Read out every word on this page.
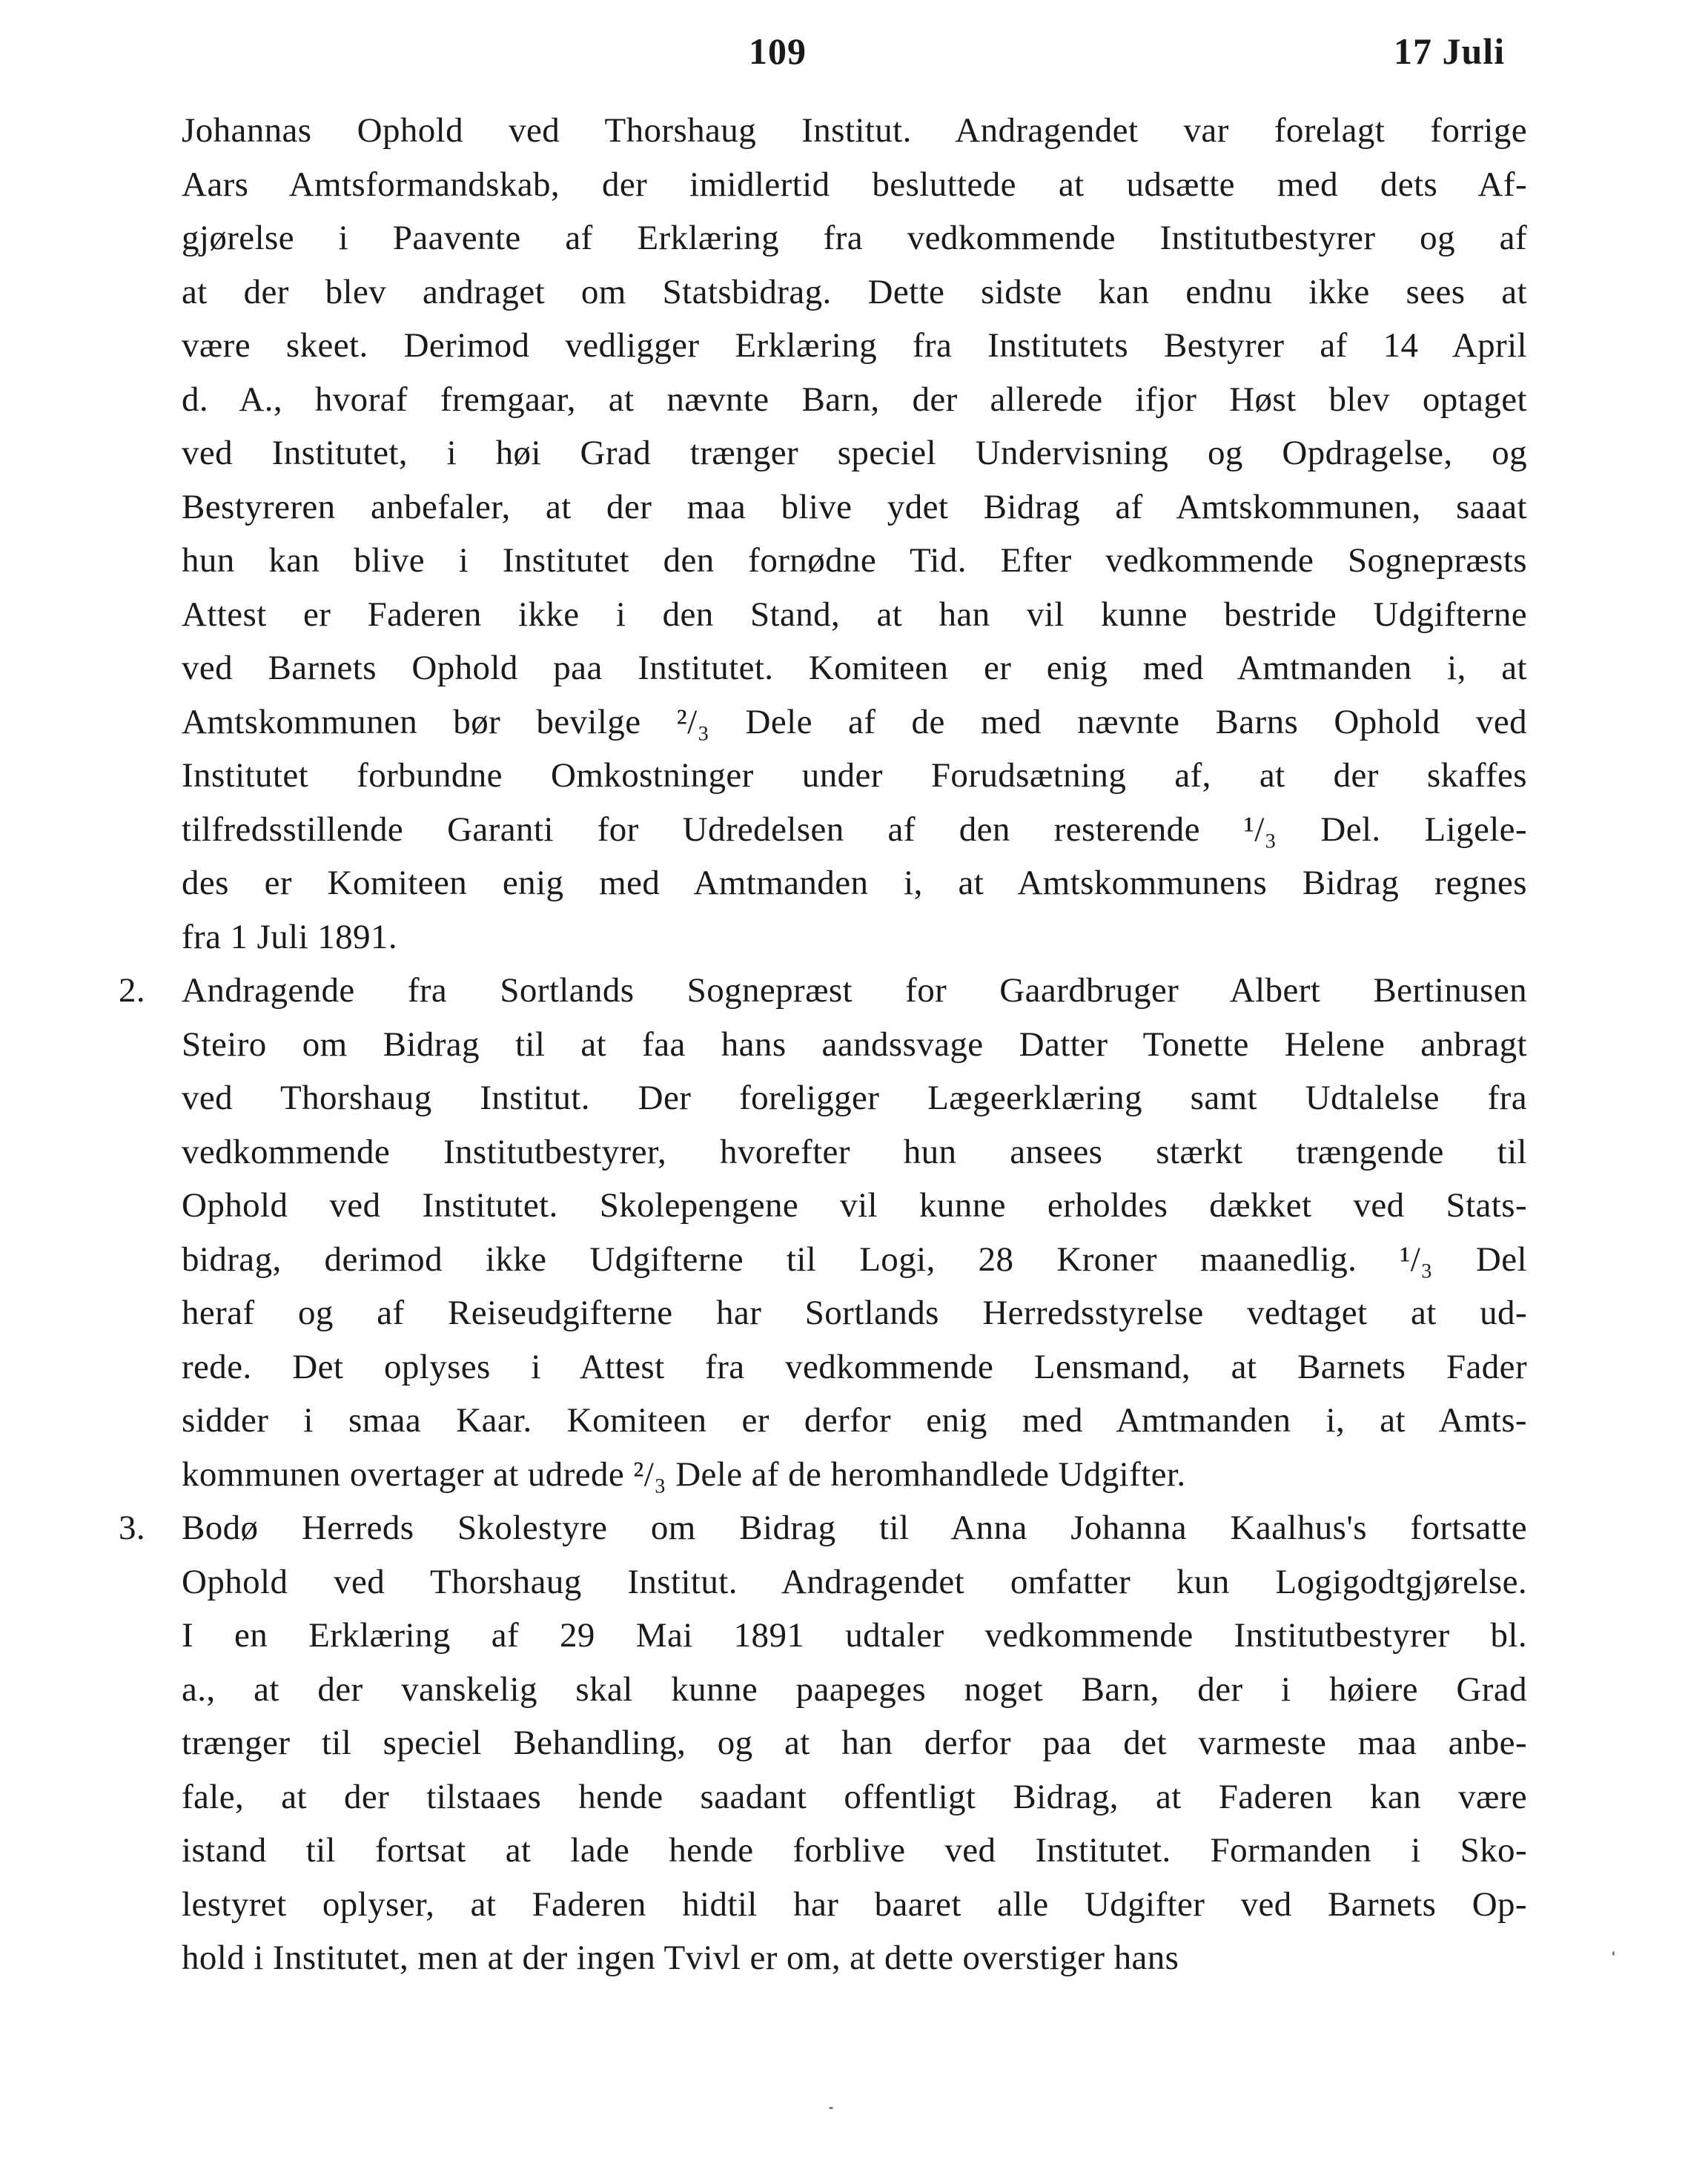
109	17 Juli
Johannas Ophold ved Thorshaug Institut. Andragendet var forelagt forrige
Aars Amtsformandskab, der imidlertid besluttede at udsætte med dets Af-
gjørelse i Paavente af Erklæring fra vedkommende Institutbestyrer og af
at der blev andraget om Statsbidrag. Dette sidste kan endnu ikke sees at
være skeet. Derimod vedligger Erklæring fra Institutets Bestyrer af 14 April
d. A., hvoraf fremgaar, at nævnte Barn, der allerede ifjor Høst blev optaget
ved Institutet, i høi Grad trænger speciel Undervisning og Opdragelse, og
Bestyreren anbefaler, at der maa blive ydet Bidrag af Amtskommunen, saaat
hun kan blive i Institutet den fornødne Tid. Efter vedkommende Sognepræsts
Attest er Faderen ikke i den Stand, at han vil kunne bestride Udgifterne
ved Barnets Ophold paa Institutet. Komiteen er enig med Amtmanden i, at
Amtskommunen bør bevilge ²/₃ Dele af de med nævnte Barns Ophold ved
Institutet forbundne Omkostninger under Forudsætning af, at der skaffes
tilfredsstillende Garanti for Udredelsen af den resterende ¹/₃ Del. Ligele-
des er Komiteen enig med Amtmanden i, at Amtskommunens Bidrag regnes
fra 1 Juli 1891.
2. Andragende fra Sortlands Sognepræst for Gaardbruger Albert Bertinusen
Steiro om Bidrag til at faa hans aandssvage Datter Tonette Helene anbragt
ved Thorshaug Institut. Der foreligger Lægeerklæring samt Udtalelse fra
vedkommende Institutbestyrer, hvorefter hun ansees stærkt trængende til
Ophold ved Institutet. Skolepengene vil kunne erholdes dækket ved Stats-
bidrag, derimod ikke Udgifterne til Logi, 28 Kroner maanedlig. ¹/₃ Del
heraf og af Reiseudgifterne har Sortlands Herredsstyrelse vedtaget at ud-
rede. Det oplyses i Attest fra vedkommende Lensmand, at Barnets Fader
sidder i smaa Kaar. Komiteen er derfor enig med Amtmanden i, at Amts-
kommunen overtager at udrede ²/₃ Dele af de heromhandlede Udgifter.
3. Bodø Herreds Skolestyre om Bidrag til Anna Johanna Kaalhus's fortsatte
Ophold ved Thorshaug Institut. Andragendet omfatter kun Logigodtgjørelse.
I en Erklæring af 29 Mai 1891 udtaler vedkommende Institutbestyrer bl.
a., at der vanskelig skal kunne paapeges noget Barn, der i høiere Grad
trænger til speciel Behandling, og at han derfor paa det varmeste maa anbe-
fale, at der tilstaaes hende saadant offentligt Bidrag, at Faderen kan være
istand til fortsat at lade hende forblive ved Institutet. Formanden i Sko-
lestyret oplyser, at Faderen hidtil har baaret alle Udgifter ved Barnets Op-
hold i Institutet, men at der ingen Tvivl er om, at dette overstiger hans
